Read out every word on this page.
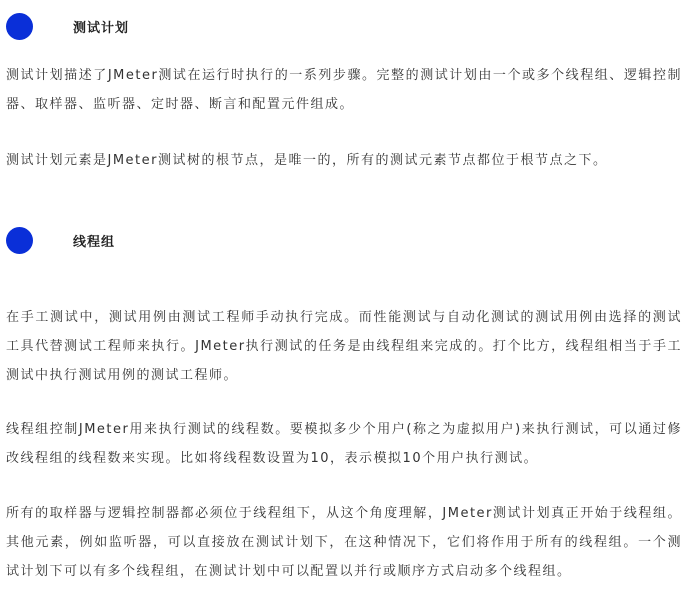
测试计划

测试计划描述了JMeter测试在运行时执行的一系列步骤。完整的测试计划由一个或多个线程组、逻辑控制器、取样器、监听器、定时器、断言和配置元件组成。

测试计划元素是JMeter测试树的根节点，是唯一的，所有的测试元素节点都位于根节点之下。

线程组

在手工测试中，测试用例由测试工程师手动执行完成。而性能测试与自动化测试的测试用例由选择的测试工具代替测试工程师来执行。JMeter执行测试的任务是由线程组来完成的。打个比方，线程组相当于手工测试中执行测试用例的测试工程师。

线程组控制JMeter用来执行测试的线程数。要模拟多少个用户(称之为虚拟用户)来执行测试，可以通过修改线程组的线程数来实现。比如将线程数设置为10，表示模拟10个用户执行测试。

所有的取样器与逻辑控制器都必须位于线程组下，从这个角度理解，JMeter测试计划真正开始于线程组。其他元素，例如监听器，可以直接放在测试计划下，在这种情况下，它们将作用于所有的线程组。一个测试计划下可以有多个线程组，在测试计划中可以配置以并行或顺序方式启动多个线程组。
